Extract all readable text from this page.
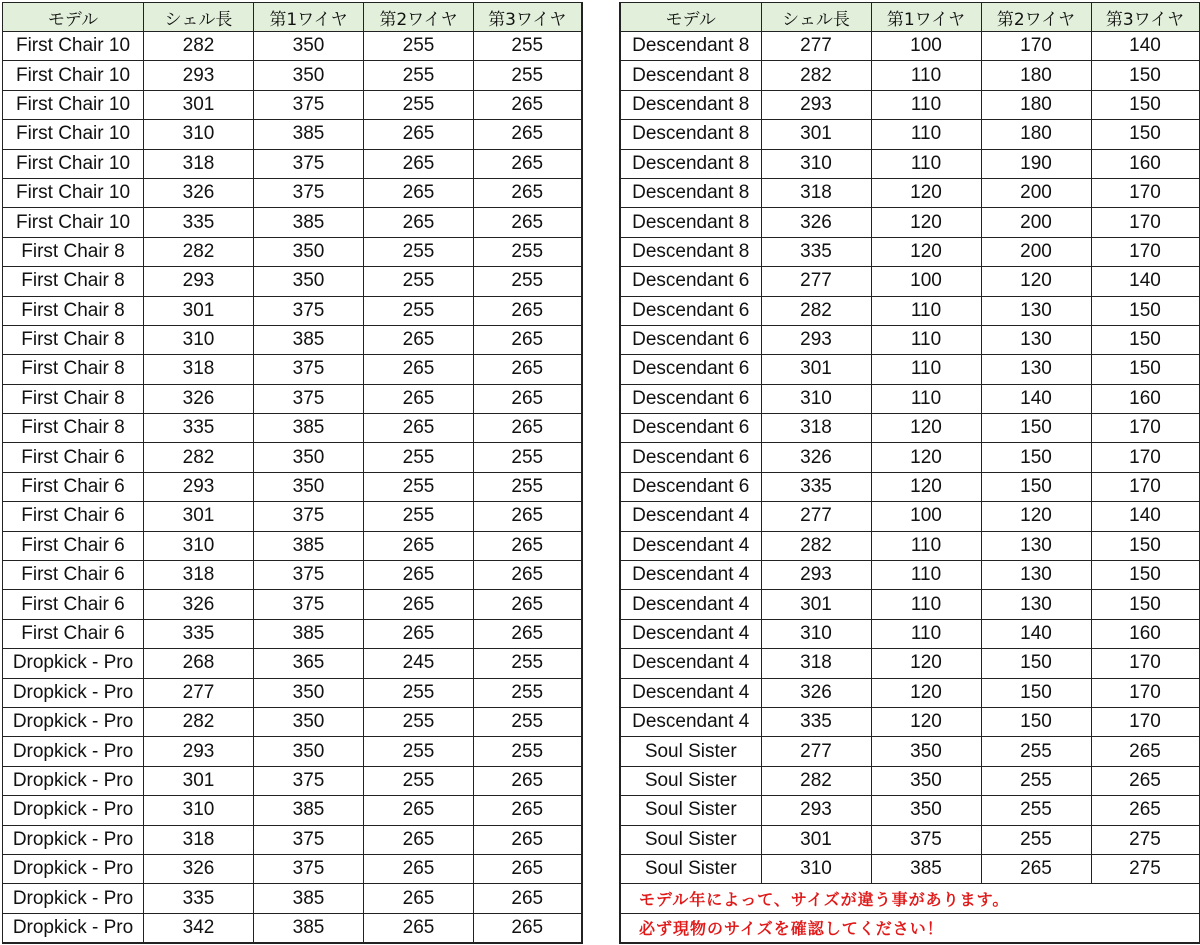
モデル	シェル長	第1ワイヤ	第2ワイヤ	第3ワイヤ
First Chair 10	282	350	255	255
First Chair 10	293	350	255	255
First Chair 10	301	375	255	265
First Chair 10	310	385	265	265
First Chair 10	318	375	265	265
First Chair 10	326	375	265	265
First Chair 10	335	385	265	265
First Chair 8	282	350	255	255
First Chair 8	293	350	255	255
First Chair 8	301	375	255	265
First Chair 8	310	385	265	265
First Chair 8	318	375	265	265
First Chair 8	326	375	265	265
First Chair 8	335	385	265	265
First Chair 6	282	350	255	255
First Chair 6	293	350	255	255
First Chair 6	301	375	255	265
First Chair 6	310	385	265	265
First Chair 6	318	375	265	265
First Chair 6	326	375	265	265
First Chair 6	335	385	265	265
Dropkick - Pro	268	365	245	255
Dropkick - Pro	277	350	255	255
Dropkick - Pro	282	350	255	255
Dropkick - Pro	293	350	255	255
Dropkick - Pro	301	375	255	265
Dropkick - Pro	310	385	265	265
Dropkick - Pro	318	375	265	265
Dropkick - Pro	326	375	265	265
Dropkick - Pro	335	385	265	265
Dropkick - Pro	342	385	265	265
モデル	シェル長	第1ワイヤ	第2ワイヤ	第3ワイヤ
Descendant 8	277	100	170	140
Descendant 8	282	110	180	150
Descendant 8	293	110	180	150
Descendant 8	301	110	180	150
Descendant 8	310	110	190	160
Descendant 8	318	120	200	170
Descendant 8	326	120	200	170
Descendant 8	335	120	200	170
Descendant 6	277	100	120	140
Descendant 6	282	110	130	150
Descendant 6	293	110	130	150
Descendant 6	301	110	130	150
Descendant 6	310	110	140	160
Descendant 6	318	120	150	170
Descendant 6	326	120	150	170
Descendant 6	335	120	150	170
Descendant 4	277	100	120	140
Descendant 4	282	110	130	150
Descendant 4	293	110	130	150
Descendant 4	301	110	130	150
Descendant 4	310	110	140	160
Descendant 4	318	120	150	170
Descendant 4	326	120	150	170
Descendant 4	335	120	150	170
Soul Sister	277	350	255	265
Soul Sister	282	350	255	265
Soul Sister	293	350	255	265
Soul Sister	301	375	255	275
Soul Sister	310	385	265	275
モデル年によって、サイズが違う事があります。				
必ず現物のサイズを確認してください！				
